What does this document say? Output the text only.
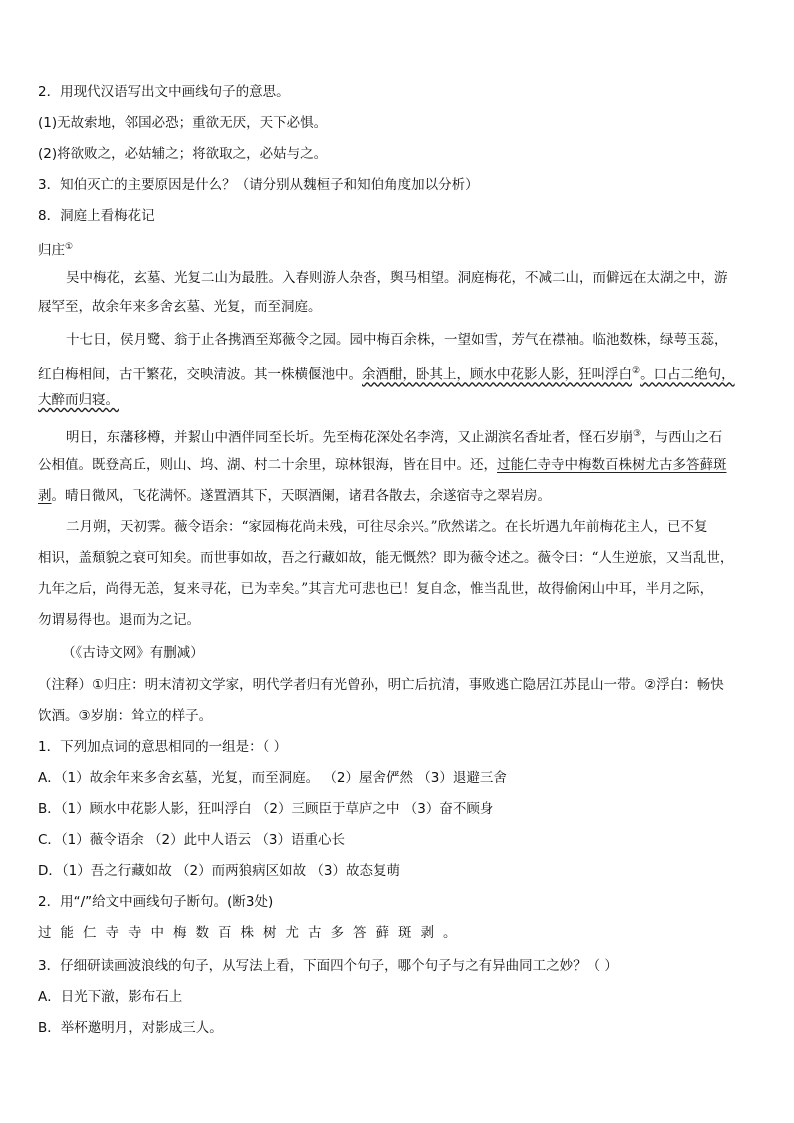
2．用现代汉语写出文中画线句子的意思。
(1)无故索地，邻国必恐；重欲无厌，天下必惧。
(2)将欲败之，必姑辅之；将欲取之，必姑与之。
3．知伯灭亡的主要原因是什么？（请分别从魏桓子和知伯角度加以分析）
8．洞庭上看梅花记
归庄①
吴中梅花，玄墓、光复二山为最胜。入春则游人杂沓，舆马相望。洞庭梅花，不减二山，而僻远在太湖之中，游
屐罕至，故余年来多舍玄墓、光复，而至洞庭。
十七日，侯月鹭、翁于止各携酒至郑薇令之园。园中梅百余株，一望如雪，芳气在襟袖。临池数株，绿萼玉蕊，
红白梅相间，古干繁花，交映清波。其一株横偃池中。余酒酣，卧其上，顾水中花影人影，狂叫浮白②。口占二绝句，
大醉而归寝。
明日，东藩移樽，并絜山中酒伴同至长圻。先至梅花深处名李湾，又止湖滨名香址者，怪石岁崩③，与西山之石
公相值。既登高丘，则山、坞、湖、村二十余里，琼林银海，皆在目中。还，过能仁寺寺中梅数百株树尤古多答藓斑
剥。晴日微风，飞花满怀。遂置酒其下，天暝酒阑，诸君各散去，余遂宿寺之翠岩房。
二月朔，天初霁。薇令语余：“家园梅花尚未残，可往尽余兴。”欣然诺之。在长圻遇九年前梅花主人，已不复
相识，盖頹貌之衰可知矣。而世事如故，吾之行藏如故，能无慨然？即为薇令述之。薇令曰：“人生逆旅，又当乱世，
九年之后，尚得无恙，复来寻花，已为幸矣。”其言尤可悲也已！复自念，惟当乱世，故得偷闲山中耳，半月之际，
勿谓易得也。退而为之记。
（《古诗文网》有删减）
（注释）①归庄：明末清初文学家，明代学者归有光曾孙，明亡后抗清，事败逃亡隐居江苏昆山一带。②浮白：畅快
饮酒。③岁崩：耸立的样子。
1．下列加点词的意思相同的一组是：（ ）
A．（1）故余年来多舍玄墓，光复，而至洞庭。 （2）屋舍俨然 （3）退避三舍
B．（1）顾水中花影人影，狂叫浮白 （2）三顾臣于草庐之中 （3）奋不顾身
C．（1）薇令语余 （2）此中人语云 （3）语重心长
D．（1）吾之行藏如故 （2）而两狼病区如故 （3）故态复萌
2．用“/”给文中画线句子断句。(断3处)
过能仁寺寺中梅数百株树尤古多答藓斑剥。
3．仔细研读画波浪线的句子，从写法上看，下面四个句子，哪个句子与之有异曲同工之妙？（ ）
A．日光下澈，影布石上
B．举杯邀明月，对影成三人。
